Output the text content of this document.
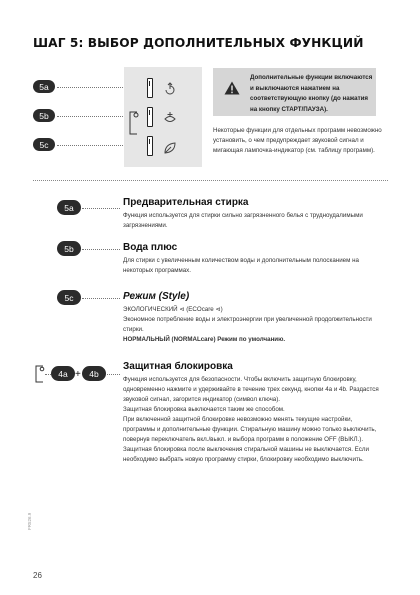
ШАГ 5: ВЫБОР ДОПОЛНИТЕЛЬНЫХ ФУНКЦИЙ
5a
5b
5c
Дополнительные функции включаются и выключаются нажатием на соответствующую кнопку (до нажатия на кнопку СТАРТ/ПАУЗА).
Некоторые функции для отдельных программ невозможно установить, о чем предупреждает звуковой сигнал и мигающая лампочка-индикатор (см. таблицу программ).
5a	Предварительная стирка

Функция используется для стирки сильно загрязненного белья с трудноудалимыми загрязнениями.

5b	Вода плюс

Для стирки с увеличенным количеством воды и дополнительным полосканием на некоторых программах.

5c	Режим (Style)

ЭКОЛОГИЧЕСКИЙ ⊲ (ECOcare ⊲)

Экономное потребление воды и электроэнергии при увеличенной продолжительности стирки.

НОРМАЛЬНЫЙ (NORMALcare) Режим по умолчанию.

4a + 4b
Защитная блокировка

Функция используется для безопасности. Чтобы включить защитную блокировку, одновременно нажмите и удерживайте в течение трех секунд, кнопки 4а и 4b. Раздастся звуковой сигнал, загорится индикатор (символ ключа).

Защитная блокировка выключается таким же способом.

При включенной защитной блокировке невозможно менять текущие настройки, программы и дополнительные функции. Стиральную машину можно только выключить, повернув переключатель вкл./выкл. и выбора программ в положение OFF (ВЫКЛ.). Защитная блокировка после выключения стиральной машины не выключается. Если необходимо выбрать новую программу стирки, блокировку необходимо выключить.

FR526.9
26
